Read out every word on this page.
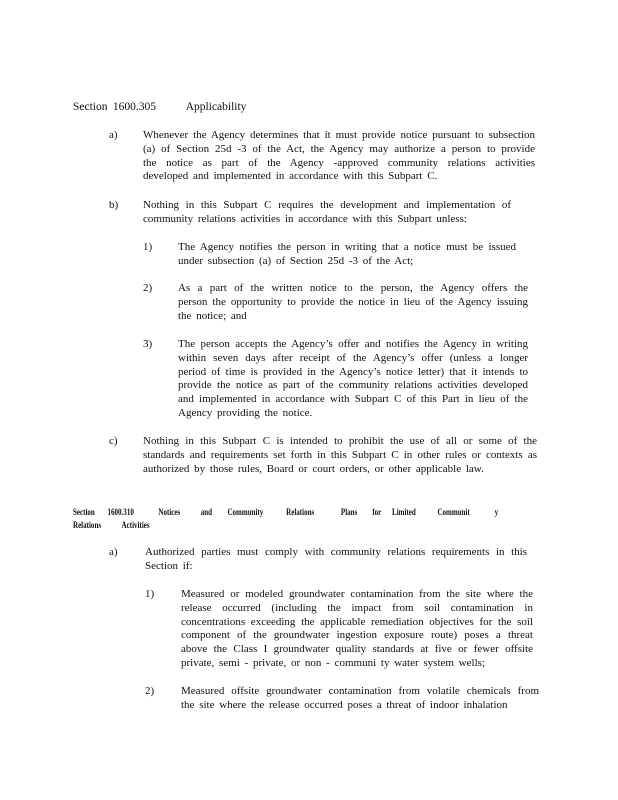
Section 1600.305	Applicability
a) Whenever the Agency determines that it must provide notice pursuant to subsection (a) of Section 25d -3 of the Act, the Agency may authorize a person to provide the notice as part of the Agency -approved community relations activities developed and implemented in accordance with this Subpart C.
b) Nothing in this Subpart C requires the development and implementation of community relations activities in accordance with this Subpart unless:
1) The Agency notifies the person in writing that a notice must be issued under subsection (a) of Section 25d -3 of the Act;
2) As a part of the written notice to the person, the Agency offers the person the opportunity to provide the notice in lieu of the Agency issuing the notice; and
3) The person accepts the Agency’s offer and notifies the Agency in writing within seven days after receipt of the Agency’s offer (unless a longer period of time is provided in the Agency’s notice letter) that it intends to provide the notice as part of the community relations activities developed and implemented in accordance with Subpart C of this Part in lieu of the Agency providing the notice.
c) Nothing in this Subpart C is intended to prohibit the use of all or some of the standards and requirements set forth in this Subpart C in other rules or contexts as authorized by those rules, Board or court orders, or other applicable law.
Section 1600.310	Notices and Community	Relations	Plans for Limited Communit	y
Relations Activities
a) Authorized parties must comply with community relations requirements in this Section if:
1) Measured or modeled groundwater contamination from the site where the release occurred (including the impact from soil contamination in concentrations exceeding the applicable remediation objectives for the soil component of the groundwater ingestion exposure route) poses a threat above the Class I groundwater quality standards at five or fewer offsite private, semi - private, or non - communi ty water system wells;
2) Measured offsite groundwater contamination from volatile chemicals from the site where the release occurred poses a threat of indoor inhalation
